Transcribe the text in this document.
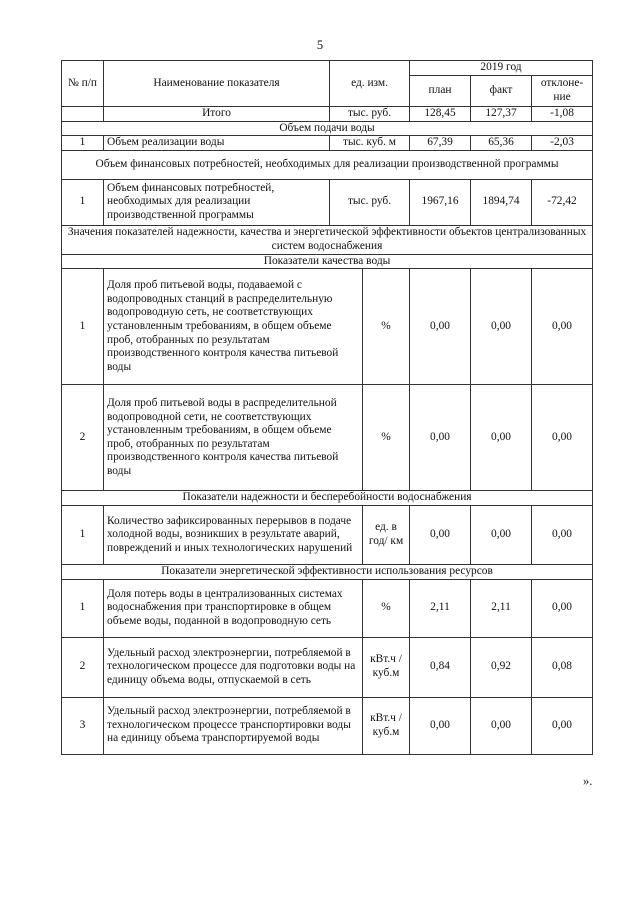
5
№ п/п	Наименование показателя	ед. изм.		2019 год		
				план	факт	отклоне-ние
	Итого	тыс. руб.		128,45	127,37	-1,08
Объем подачи воды						
1	Объем реализации воды	тыс. куб. м		67,39	65,36	-2,03
Объем финансовых потребностей, необходимых для реализации производственной программы						
1	Объем финансовых потребностей, необходимых для реализации производственной программы	тыс. руб.		1967,16	1894,74	-72,42
Значения показателей надежности, качества и энергетической эффективности объектов централизованных систем водоснабжения						
Показатели качества воды						
1	Доля проб питьевой воды, подаваемой с водопроводных станций в распределительную водопроводную сеть, не соответствующих установленным требованиям, в общем объеме проб, отобранных по результатам производственного контроля качества питьевой воды		%	0,00	0,00	0,00
2	Доля проб питьевой воды в распределительной водопроводной сети, не соответствующих установленным требованиям, в общем объеме проб, отобранных по результатам производственного контроля качества питьевой воды		%	0,00	0,00	0,00
Показатели надежности и бесперебойности водоснабжения						
1	Количество зафиксированных перерывов в подаче холодной воды, возникших в результате аварий, повреждений и иных технологических нарушений		ед. в год/ км	0,00	0,00	0,00
Показатели энергетической эффективности использования ресурсов						
1	Доля потерь воды в централизованных системах водоснабжения при транспортировке в общем объеме воды, поданной в водопроводную сеть		%	2,11	2,11	0,00
2	Удельный расход электроэнергии, потребляемой в технологическом процессе для подготовки воды на единицу объема воды, отпускаемой в сеть		кВт.ч / куб.м	0,84	0,92	0,08
3	Удельный расход электроэнергии, потребляемой в технологическом процессе транспортировки воды на единицу объема транспортируемой воды		кВт.ч / куб.м	0,00	0,00	0,00
».
